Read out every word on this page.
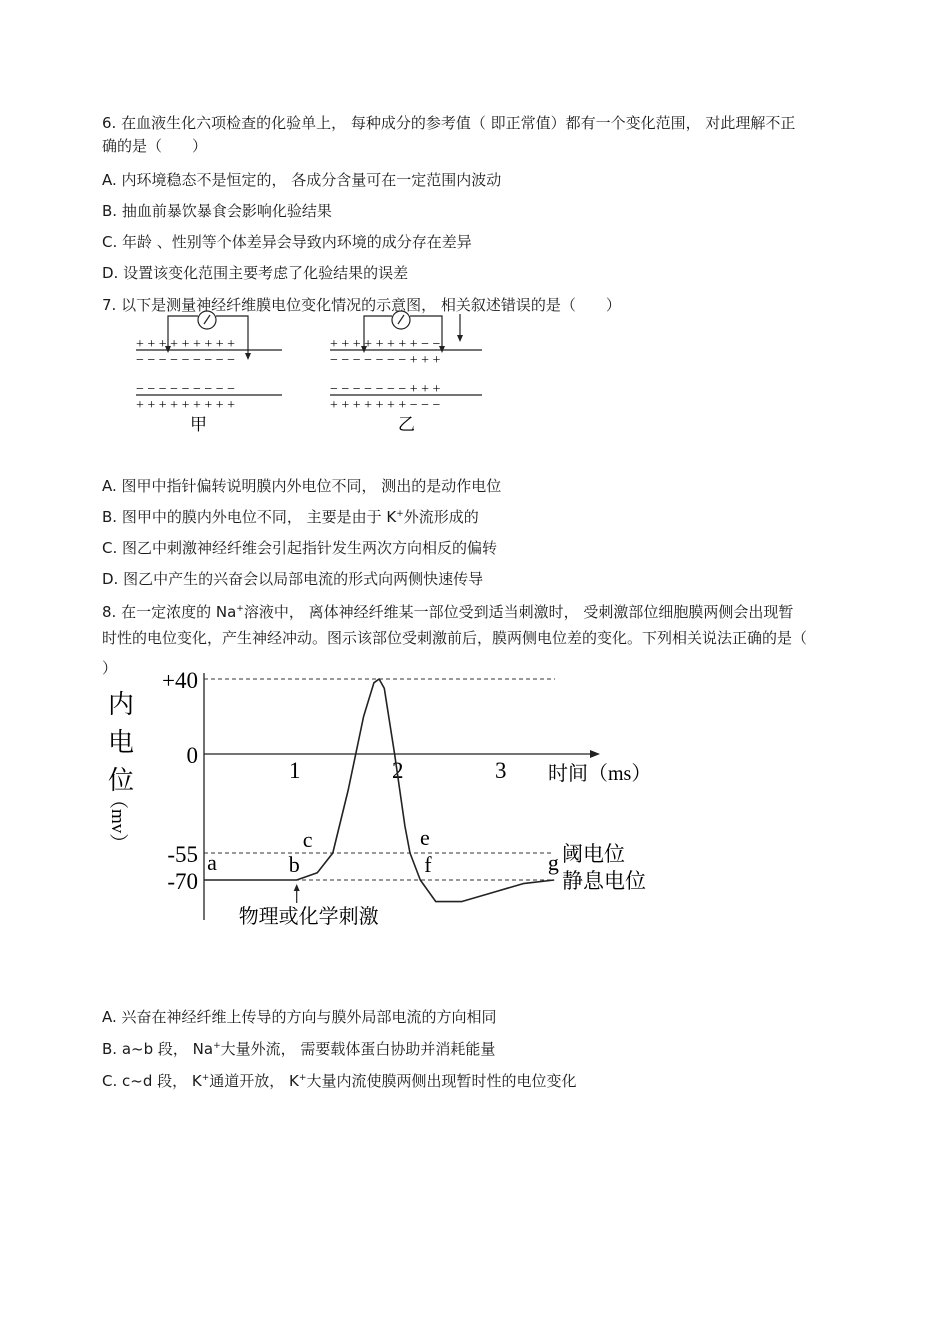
6. 在血液生化六项检查的化验单上， 每种成分的参考值（ 即正常值）都有一个变化范围， 对此理解不正
确的是（　　）
A. 内环境稳态不是恒定的， 各成分含量可在一定范围内波动
B. 抽血前暴饮暴食会影响化验结果
C. 年龄 、性别等个体差异会导致内环境的成分存在差异
D. 设置该变化范围主要考虑了化验结果的误差
7. 以下是测量神经纤维膜电位变化情况的示意图， 相关叙述错误的是（　　）
+ + + + + + + + +
− − − − − − − − −
− − − − − − − − −
+ + + + + + + + +
甲
+ + + + + + + + − −
− − − − − − − + + +
− − − − − − − + + +
+ + + + + + + − − −
乙
A. 图甲中指针偏转说明膜内外电位不同， 测出的是动作电位
B. 图甲中的膜内外电位不同， 主要是由于 K+外流形成的
C. 图乙中刺激神经纤维会引起指针发生两次方向相反的偏转
D. 图乙中产生的兴奋会以局部电流的形式向两侧快速传导
8. 在一定浓度的 Na+溶液中， 离体神经纤维某一部位受到适当刺激时， 受刺激部位细胞膜两侧会出现暂
时性的电位变化，产生神经冲动。图示该部位受刺激前后，膜两侧电位差的变化。下列相关说法正确的是（
）
阈电位
静息电位
+40
0
-55
-70
1	2	3 时间（ms）
内
电
位
（mv）
a	b
c	e
f	g
物理或化学刺激
A. 兴奋在神经纤维上传导的方向与膜外局部电流的方向相同
B. a~b 段， Na+大量外流， 需要载体蛋白协助并消耗能量
C. c~d 段， K+通道开放， K+大量内流使膜两侧出现暂时性的电位变化
